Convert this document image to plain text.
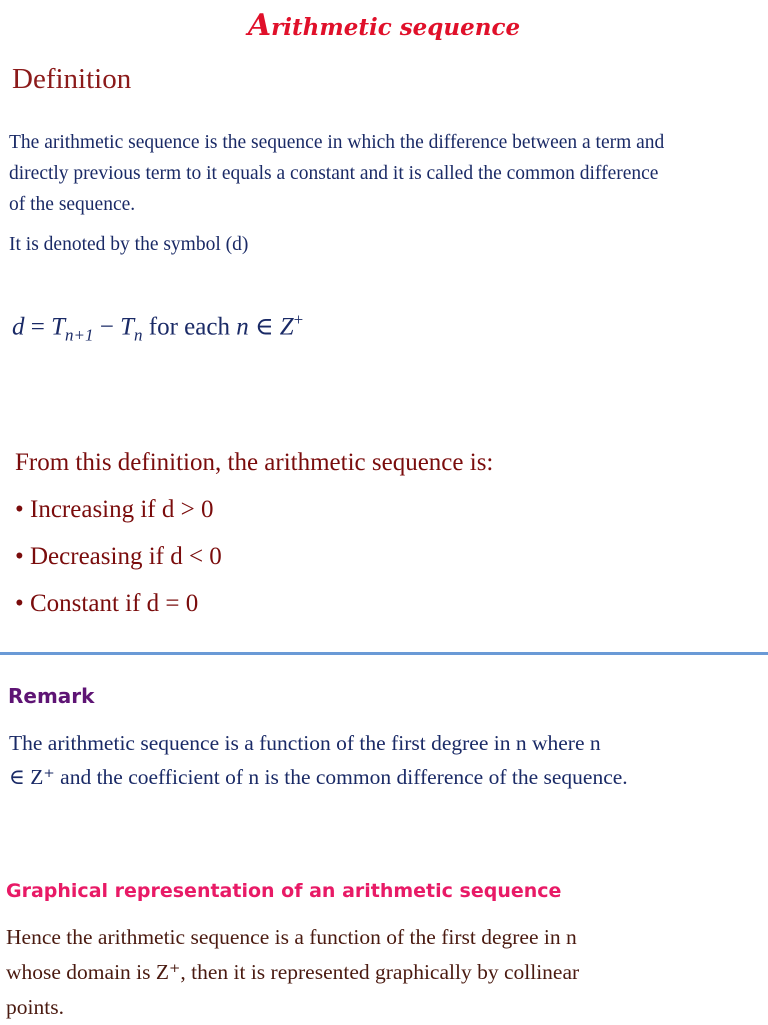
Arithmetic sequence
Definition
The arithmetic sequence is the sequence in which the difference between a term and
directly previous term to it equals a constant and it is called the common difference
of the sequence.
It is denoted by the symbol (d)
$d = T_{n+1} - T_n$ for each n ∈ Z+
From this definition, the arithmetic sequence is:
• Increasing if d > 0
• Decreasing if d < 0
• Constant if d = 0
Remark
The arithmetic sequence is a function of the first degree in n where n
∈ Z⁺ and the coefficient of n is the common difference of the sequence.
Graphical representation of an arithmetic sequence
Hence the arithmetic sequence is a function of the first degree in n
whose domain is Z⁺, then it is represented graphically by collinear
points.
